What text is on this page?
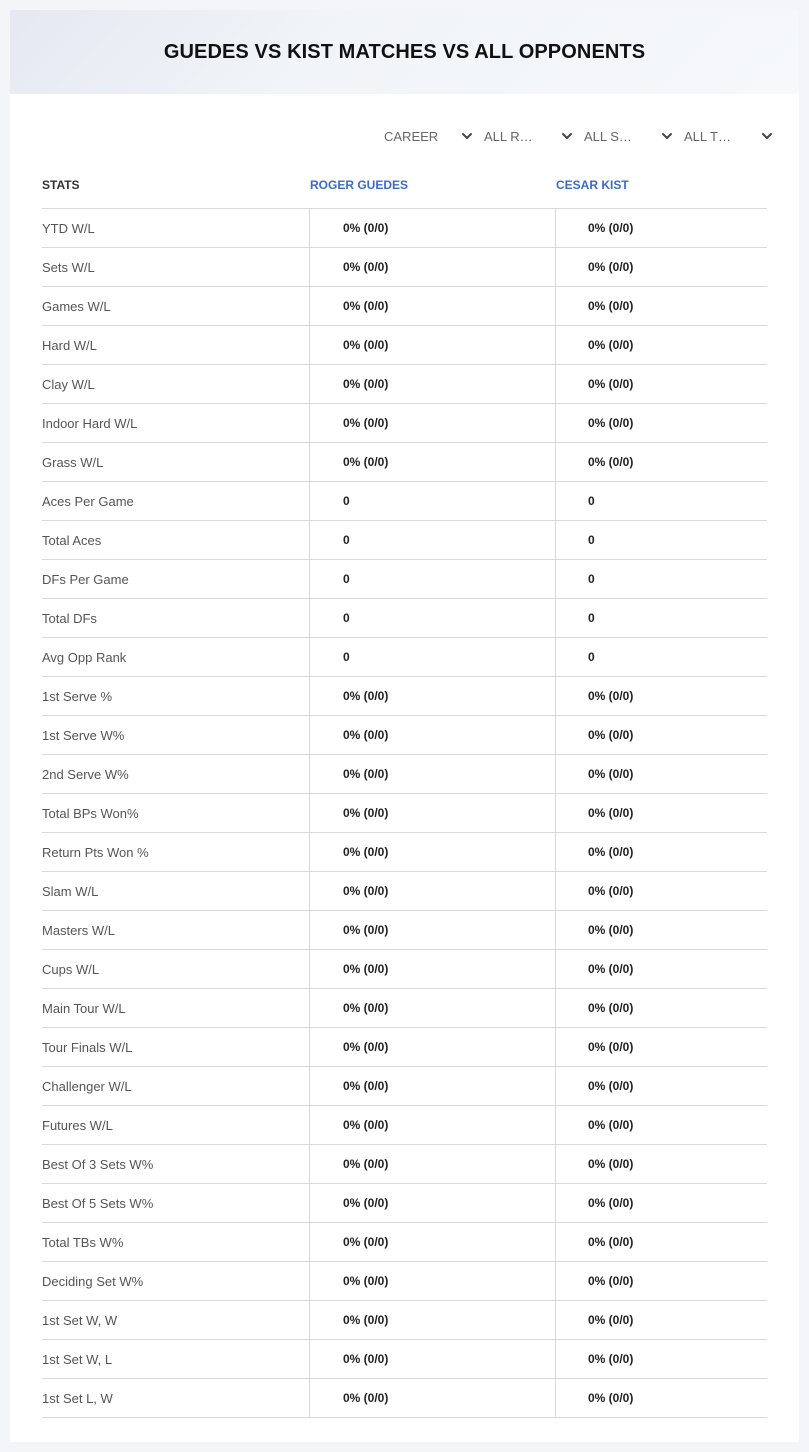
GUEDES VS KIST MATCHES VS ALL OPPONENTS
CAREER	ALL R…	ALL S…	ALL T…
STATS	ROGER GUEDES	CESAR KIST
YTD W/L	0% (0/0)	0% (0/0)
Sets W/L	0% (0/0)	0% (0/0)
Games W/L	0% (0/0)	0% (0/0)
Hard W/L	0% (0/0)	0% (0/0)
Clay W/L	0% (0/0)	0% (0/0)
Indoor Hard W/L	0% (0/0)	0% (0/0)
Grass W/L	0% (0/0)	0% (0/0)
Aces Per Game	0	0
Total Aces	0	0
DFs Per Game	0	0
Total DFs	0	0
Avg Opp Rank	0	0
1st Serve %	0% (0/0)	0% (0/0)
1st Serve W%	0% (0/0)	0% (0/0)
2nd Serve W%	0% (0/0)	0% (0/0)
Total BPs Won%	0% (0/0)	0% (0/0)
Return Pts Won %	0% (0/0)	0% (0/0)
Slam W/L	0% (0/0)	0% (0/0)
Masters W/L	0% (0/0)	0% (0/0)
Cups W/L	0% (0/0)	0% (0/0)
Main Tour W/L	0% (0/0)	0% (0/0)
Tour Finals W/L	0% (0/0)	0% (0/0)
Challenger W/L	0% (0/0)	0% (0/0)
Futures W/L	0% (0/0)	0% (0/0)
Best Of 3 Sets W%	0% (0/0)	0% (0/0)
Best Of 5 Sets W%	0% (0/0)	0% (0/0)
Total TBs W%	0% (0/0)	0% (0/0)
Deciding Set W%	0% (0/0)	0% (0/0)
1st Set W, W	0% (0/0)	0% (0/0)
1st Set W, L	0% (0/0)	0% (0/0)
1st Set L, W	0% (0/0)	0% (0/0)
